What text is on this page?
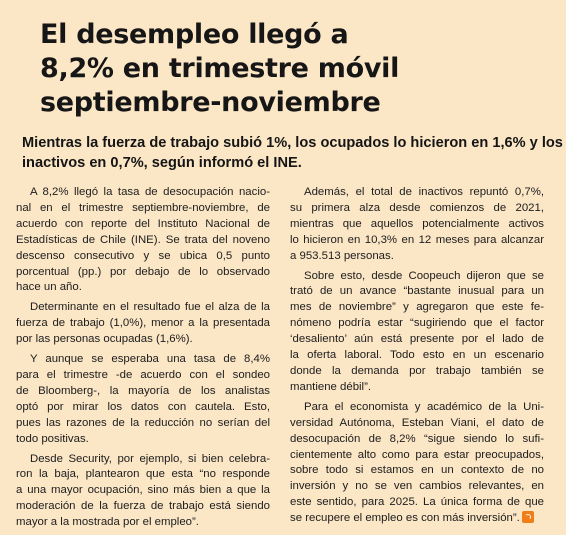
El desempleo llegó a
8,2% en trimestre móvil
septiembre-noviembre

Mientras la fuerza de trabajo subió 1%, los ocupados lo hicieron en 1,6% y los
inactivos en 0,7%, según informó el INE.

A 8,2% llegó la tasa de desocupación nacio-
nal en el trimestre septiembre-noviembre, de
acuerdo con reporte del Instituto Nacional de
Estadísticas de Chile (INE). Se trata del noveno
descenso consecutivo y se ubica 0,5 punto
porcentual (pp.) por debajo de lo observado
hace un año.

Determinante en el resultado fue el alza de la
fuerza de trabajo (1,0%), menor a la presentada
por las personas ocupadas (1,6%).

Y aunque se esperaba una tasa de 8,4%
para el trimestre -de acuerdo con el sondeo
de Bloomberg-, la mayoría de los analistas
optó por mirar los datos con cautela. Esto,
pues las razones de la reducción no serían del
todo positivas.

Desde Security, por ejemplo, si bien celebra-
ron la baja, plantearon que esta “no responde
a una mayor ocupación, sino más bien a que la
moderación de la fuerza de trabajo está siendo
mayor a la mostrada por el empleo”.

Además, el total de inactivos repuntó 0,7%,
su primera alza desde comienzos de 2021,
mientras que aquellos potencialmente activos
lo hicieron en 10,3% en 12 meses para alcanzar
a 953.513 personas.

Sobre esto, desde Coopeuch dijeron que se
trató de un avance “bastante inusual para un
mes de noviembre” y agregaron que este fe-
nómeno podría estar “sugiriendo que el factor
‘desaliento’ aún está presente por el lado de
la oferta laboral. Todo esto en un escenario
donde la demanda por trabajo también se
mantiene débil”.

Para el economista y académico de la Uni-
versidad Autónoma, Esteban Viani, el dato de
desocupación de 8,2% “sigue siendo lo sufi-
cientemente alto como para estar preocupados,
sobre todo si estamos en un contexto de no
inversión y no se ven cambios relevantes, en
este sentido, para 2025. La única forma de que
se recupere el empleo es con más inversión”.
